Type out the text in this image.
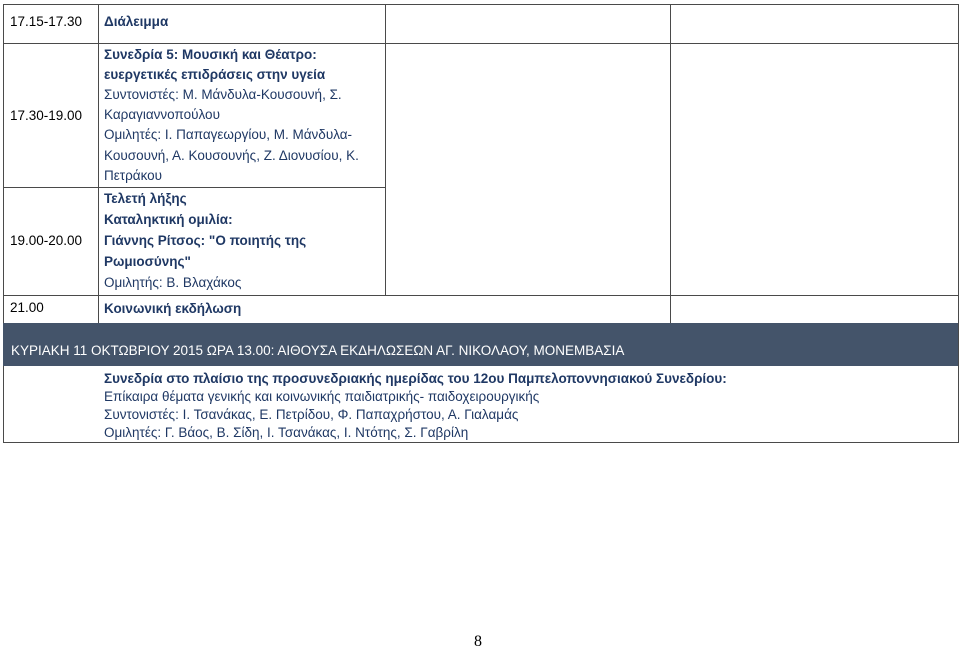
17.15-17.30 Διάλειμμα
17.30-19.00
Συνεδρία 5: Μουσική και Θέατρο:
ευεργετικές επιδράσεις στην υγεία
Συντονιστές: Μ. Μάνδυλα-Κουσουνή, Σ.
Καραγιαννοπούλου
Ομιλητές: Ι. Παπαγεωργίου, Μ. Μάνδυλα-
Κουσουνή, Α. Κουσουνής, Ζ. Διονυσίου, Κ.
Πετράκου
19.00-20.00
Τελετή λήξης
Καταληκτική ομιλία:
Γιάννης Ρίτσος: "Ο ποιητής της
Ρωμιοσύνης"
Ομιλητής: Β. Βλαχάκος
21.00	Κοινωνική εκδήλωση
ΚΥΡΙΑΚΗ 11 ΟΚΤΩΒΡΙΟΥ 2015 ΩΡΑ 13.00: ΑΙΘΟΥΣΑ ΕΚΔΗΛΩΣΕΩΝ ΑΓ. ΝΙΚΟΛΑΟΥ, ΜΟΝΕΜΒΑΣΙΑ
Συνεδρία στο πλαίσιο της προσυνεδριακής ημερίδας του 12ου Παμπελοποννησιακού Συνεδρίου:
Επίκαιρα θέματα γενικής και κοινωνικής παιδιατρικής- παιδοχειρουργικής
Συντονιστές: Ι. Τσανάκας, Ε. Πετρίδου, Φ. Παπαχρήστου, Α. Γιαλαμάς
Ομιλητές: Γ. Βάος, Β. Σίδη, Ι. Τσανάκας, Ι. Ντότης, Σ. Γαβρίλη
8
